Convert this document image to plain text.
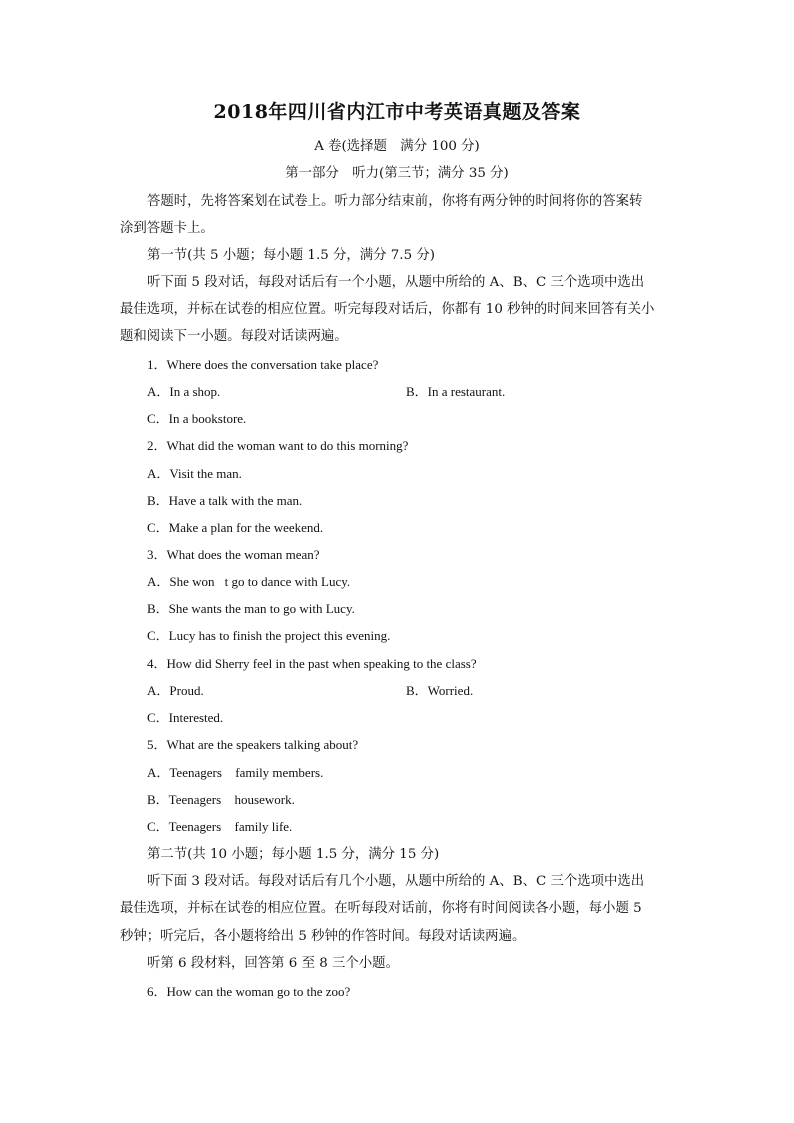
2018年四川省内江市中考英语真题及答案
A 卷(选择题　满分 100 分)
第一部分　听力(第三节；满分 35 分)
答题时，先将答案划在试卷上。听力部分结束前，你将有两分钟的时间将你的答案转
涂到答题卡上。
第一节(共 5 小题；每小题 1.5 分，满分 7.5 分)
听下面 5 段对话，每段对话后有一个小题，从题中所给的 A、B、C 三个选项中选出
最佳选项，并标在试卷的相应位置。听完每段对话后，你都有 10 秒钟的时间来回答有关小
题和阅读下一小题。每段对话读两遍。
1．Where does the conversation take place?
A．In a shop.	B．In a restaurant.
C．In a bookstore.
2．What did the woman want to do this morning?
A．Visit the man.
B．Have a talk with the man.
C．Make a plan for the weekend.
3．What does the woman mean?
A．She won t go to dance with Lucy.
B．She wants the man to go with Lucy.
C．Lucy has to finish the project this evening.
4．How did Sherry feel in the past when speaking to the class?
A．Proud.	B．Worried.
C．Interested.
5．What are the speakers talking about?
A．Teenagers  family members.
B．Teenagers  housework.
C．Teenagers  family life.
第二节(共 10 小题；每小题 1.5 分，满分 15 分)
听下面 3 段对话。每段对话后有几个小题，从题中所给的 A、B、C 三个选项中选出
最佳选项，并标在试卷的相应位置。在听每段对话前，你将有时间阅读各小题，每小题 5
秒钟；听完后，各小题将给出 5 秒钟的作答时间。每段对话读两遍。
听第 6 段材料，回答第 6 至 8 三个小题。
6．How can the woman go to the zoo?
